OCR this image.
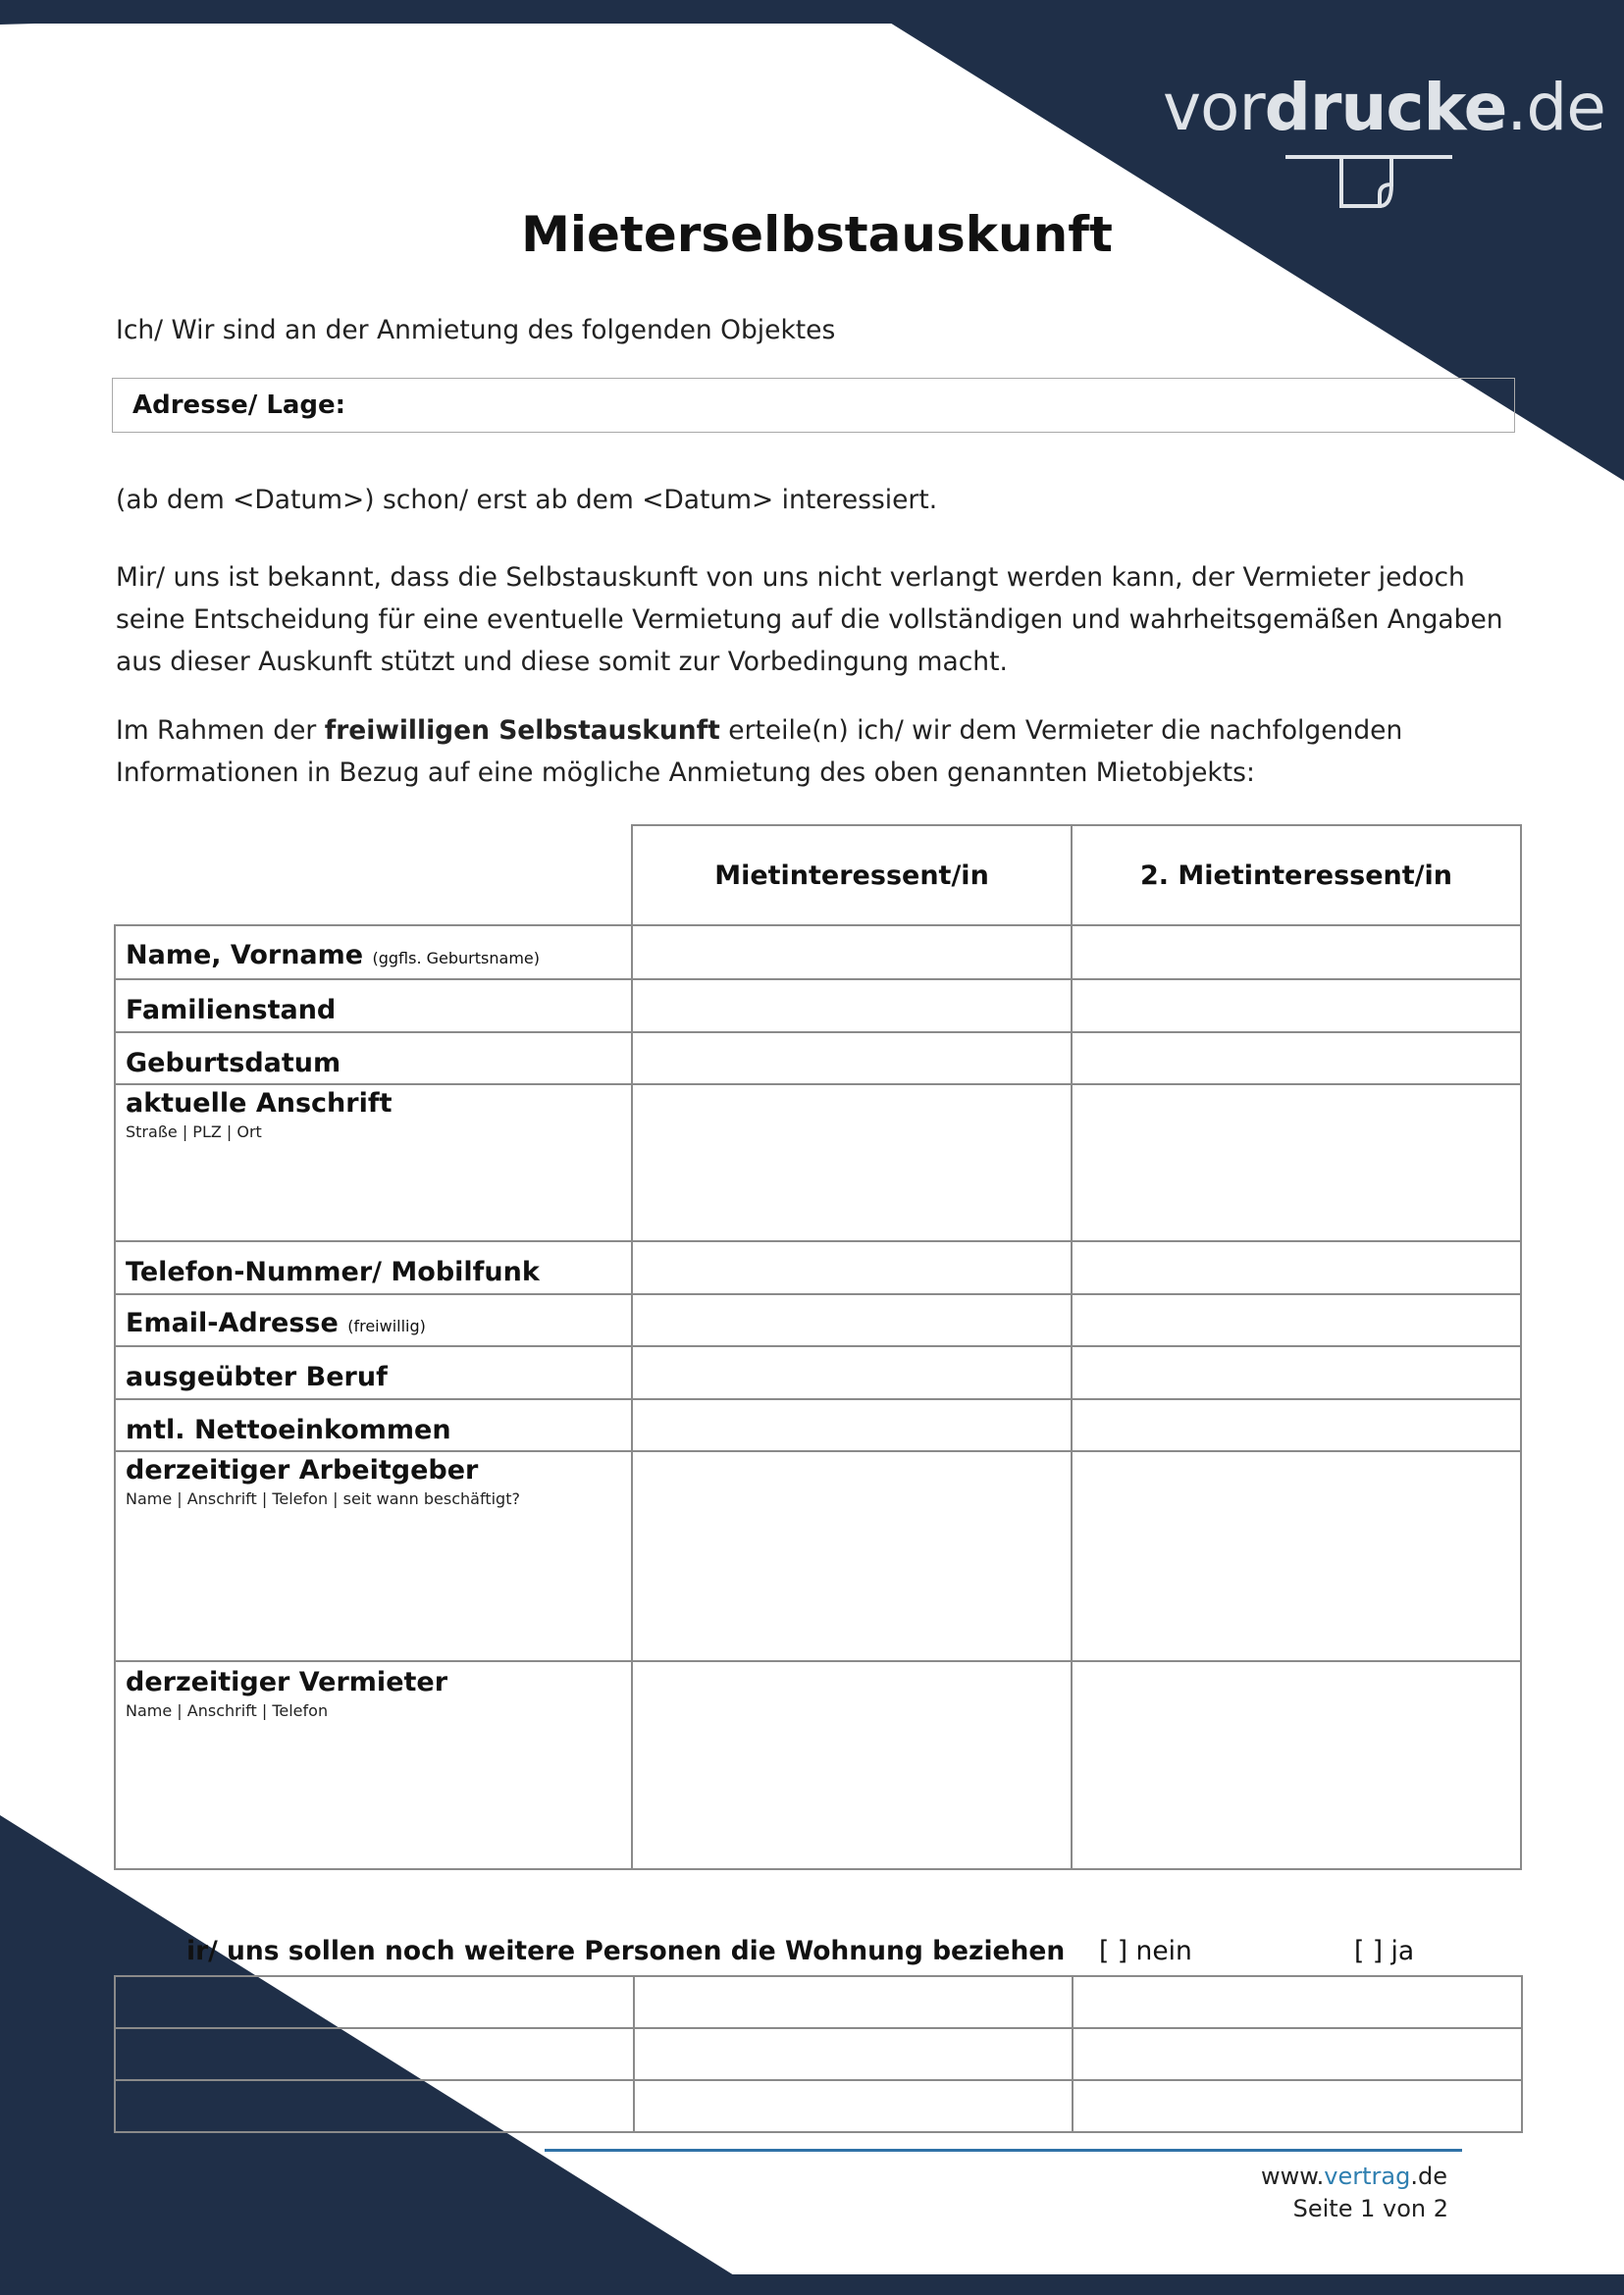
vordrucke.de
Mieterselbstauskunft
Ich/ Wir sind an der Anmietung des folgenden Objektes
Adresse/ Lage:
(ab dem <Datum>) schon/ erst ab dem <Datum> interessiert.
Mir/ uns ist bekannt, dass die Selbstauskunft von uns nicht verlangt werden kann, der Vermieter jedoch seine Entscheidung für eine eventuelle Vermietung auf die vollständigen und wahrheitsgemäßen Angaben aus dieser Auskunft stützt und diese somit zur Vorbedingung macht.
Im Rahmen der freiwilligen Selbstauskunft erteile(n) ich/ wir dem Vermieter die nachfolgenden Informationen in Bezug auf eine mögliche Anmietung des oben genannten Mietobjekts:
	Mietinteressent/in	2. Mietinteressent/in

Name, Vorname (ggfls. Geburtsname)		

Familienstand		

Geburtsdatum		

aktuelle Anschrift
Straße | PLZ | Ort		

Telefon-Nummer/ Mobilfunk		

Email-Adresse (freiwillig)		

ausgeübter Beruf		

mtl. Nettoeinkommen		

derzeitiger Arbeitgeber
Name | Anschrift | Telefon | seit wann beschäftigt?		

derzeitiger Vermieter
Name | Anschrift | Telefon		

ir/ uns sollen noch weitere Personen die Wohnung beziehen [ ] nein	[ ] ja

www.vertrag.de
Seite 1 von 2
